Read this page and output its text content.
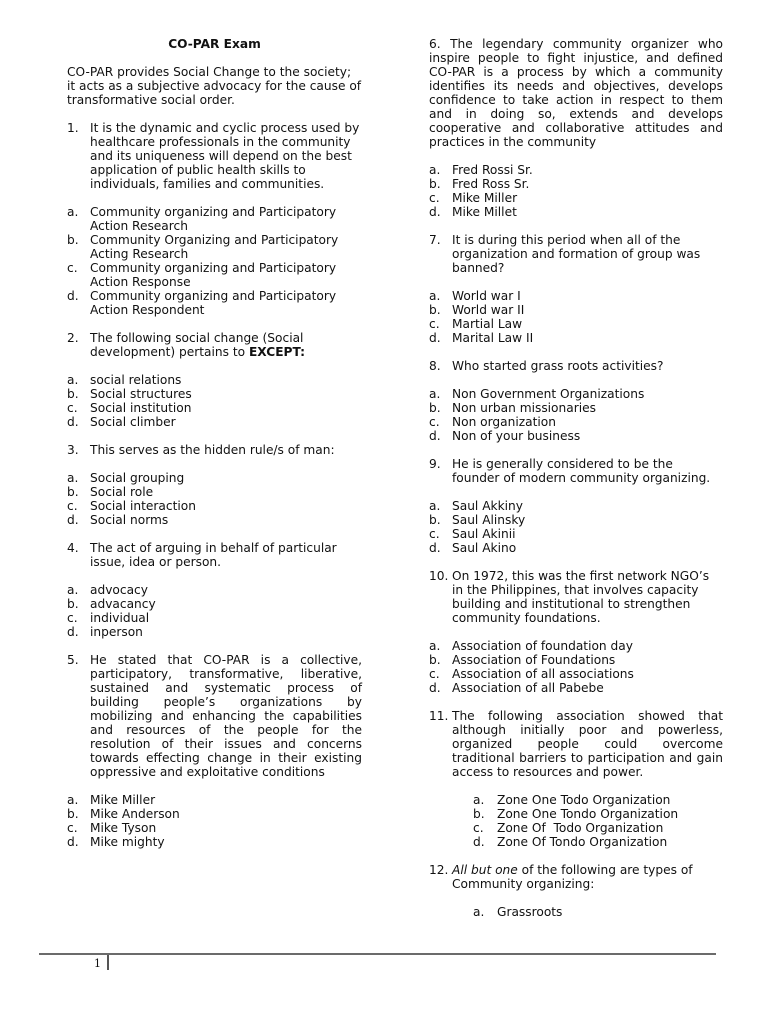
CO-PAR Exam
CO-PAR provides Social Change to the society; it acts as a subjective advocacy for the cause of transformative social order.
1. It is the dynamic and cyclic process used by healthcare professionals in the community and its uniqueness will depend on the best application of public health skills to individuals, families and communities.
a. Community organizing and Participatory Action Research
b. Community Organizing and Participatory Acting Research
c.	Community organizing and Participatory Action Response
d. Community organizing and Participatory Action Respondent
2. The following social change (Social development) pertains to EXCEPT:
a. social relations
b. Social structures
c.	Social institution
d. Social climber
3. This serves as the hidden rule/s of man:
a. Social grouping
b. Social role
c.	Social interaction
d. Social norms
4. The act of arguing in behalf of particular issue, idea or person.
a. advocacy
b. advacancy
c.	individual
d. inperson
5. He stated that CO-PAR is a collective, participatory, transformative, liberative, sustained and systematic process of building people’s organizations by mobilizing and enhancing the capabilities and resources of the people for the resolution of their issues and concerns towards effecting change in their existing oppressive and exploitative conditions
a. Mike Miller
b. Mike Anderson
c.	Mike Tyson
d. Mike mighty
6. The legendary community organizer who inspire people to fight injustice, and defined CO-PAR is a process by which a community identifies its needs and objectives, develops confidence to take action in respect to them and in doing so, extends and develops cooperative and collaborative attitudes and practices in the community
a. Fred Rossi Sr.
b. Fred Ross Sr.
c.	Mike Miller
d. Mike Millet
7. It is during this period when all of the organization and formation of group was banned?
a. World war I
b. World war II
c.	Martial Law
d. Marital Law II
8. Who started grass roots activities?
a. Non Government Organizations
b. Non urban missionaries
c.	Non organization
d. Non of your business
9. He is generally considered to be the founder of modern community organizing.
a. Saul Akkiny
b. Saul Alinsky
c.	Saul Akinii
d. Saul Akino
10. On 1972, this was the first network NGO’s in the Philippines, that involves capacity building and institutional to strengthen community foundations.
a. Association of foundation day
b. Association of Foundations
c.	Association of all associations
d. Association of all Pabebe
11. The following association showed that although initially poor and powerless, organized people could overcome traditional barriers to participation and gain access to resources and power.
a.	Zone One Todo Organization
b.	Zone One Tondo Organization
c.	Zone Of  Todo Organization
d.	Zone Of Tondo Organization
12. All but one of the following are types of Community organizing:
a.	Grassroots
1
